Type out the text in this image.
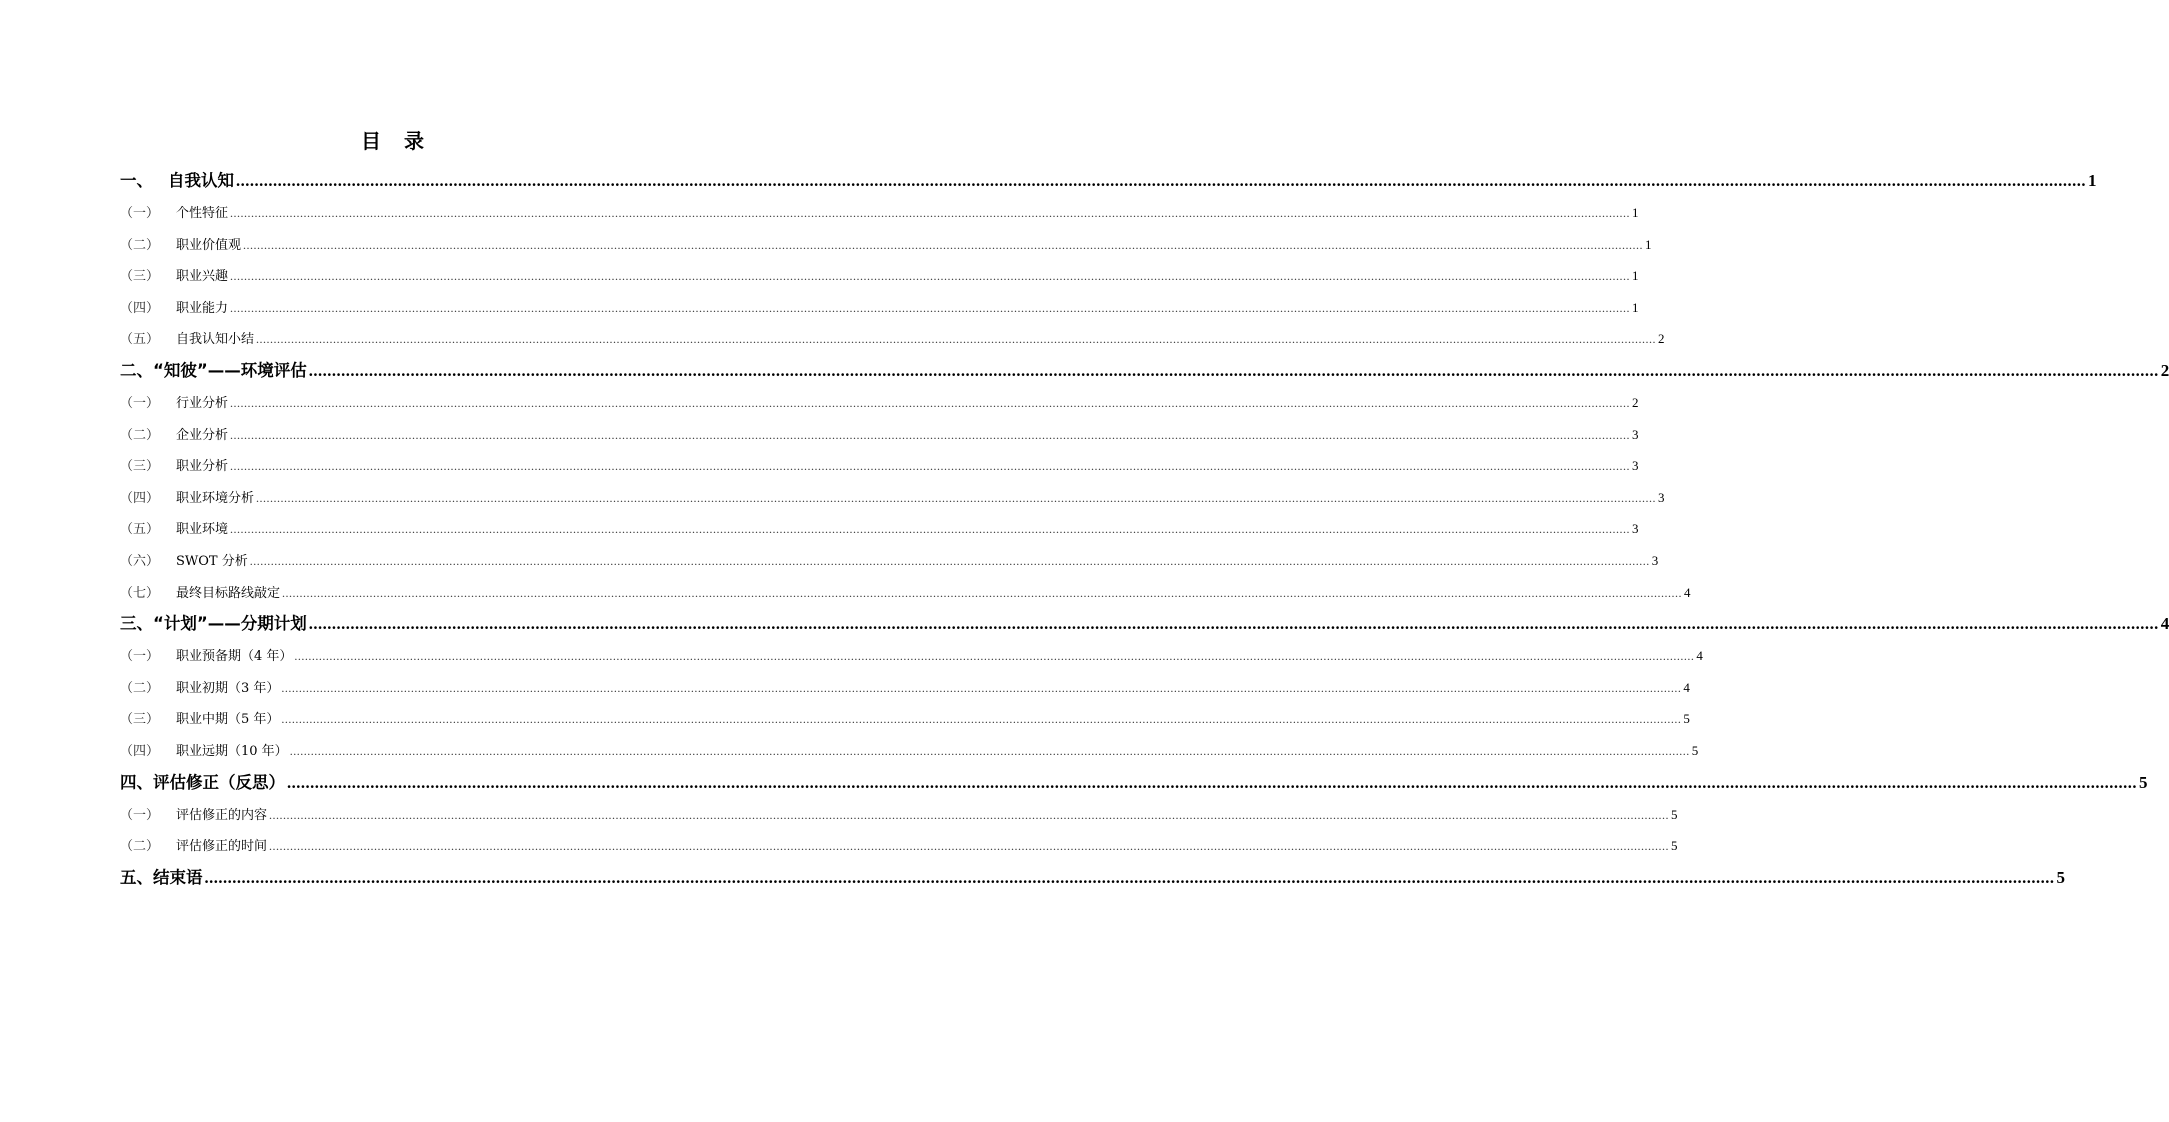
目 录
一、 自我认知 ................................................................................................................................................................................................................................................................................................................................................................................................................ 1
（一） 个性特征 ................................................................................................................................................................................................................................................................................................................................................................................................................ 1
（二） 职业价值观 ................................................................................................................................................................................................................................................................................................................................................................................................................ 1
（三） 职业兴趣 ................................................................................................................................................................................................................................................................................................................................................................................................................ 1
（四） 职业能力 ................................................................................................................................................................................................................................................................................................................................................................................................................ 1
（五） 自我认知小结 ................................................................................................................................................................................................................................................................................................................................................................................................................ 2
二、“知彼”——环境评估 ................................................................................................................................................................................................................................................................................................................................................................................................................ 2
（一） 行业分析 ................................................................................................................................................................................................................................................................................................................................................................................................................ 2
（二） 企业分析 ................................................................................................................................................................................................................................................................................................................................................................................................................ 3
（三） 职业分析 ................................................................................................................................................................................................................................................................................................................................................................................................................ 3
（四） 职业环境分析 ................................................................................................................................................................................................................................................................................................................................................................................................................ 3
（五） 职业环境 ................................................................................................................................................................................................................................................................................................................................................................................................................ 3
（六） SWOT 分析 ................................................................................................................................................................................................................................................................................................................................................................................................................ 3
（七） 最终目标路线敲定 ................................................................................................................................................................................................................................................................................................................................................................................................................ 4
三、“计划”——分期计划 ................................................................................................................................................................................................................................................................................................................................................................................................................ 4
（一） 职业预备期（4 年） ................................................................................................................................................................................................................................................................................................................................................................................................................ 4
（二） 职业初期（3 年） ................................................................................................................................................................................................................................................................................................................................................................................................................ 4
（三） 职业中期（5 年） ................................................................................................................................................................................................................................................................................................................................................................................................................ 5
（四） 职业远期（10 年） ................................................................................................................................................................................................................................................................................................................................................................................................................ 5
四、评估修正（反思） ................................................................................................................................................................................................................................................................................................................................................................................................................ 5
（一） 评估修正的内容 ................................................................................................................................................................................................................................................................................................................................................................................................................ 5
（二） 评估修正的时间 ................................................................................................................................................................................................................................................................................................................................................................................................................ 5
五、结束语 ................................................................................................................................................................................................................................................................................................................................................................................................................ 5
